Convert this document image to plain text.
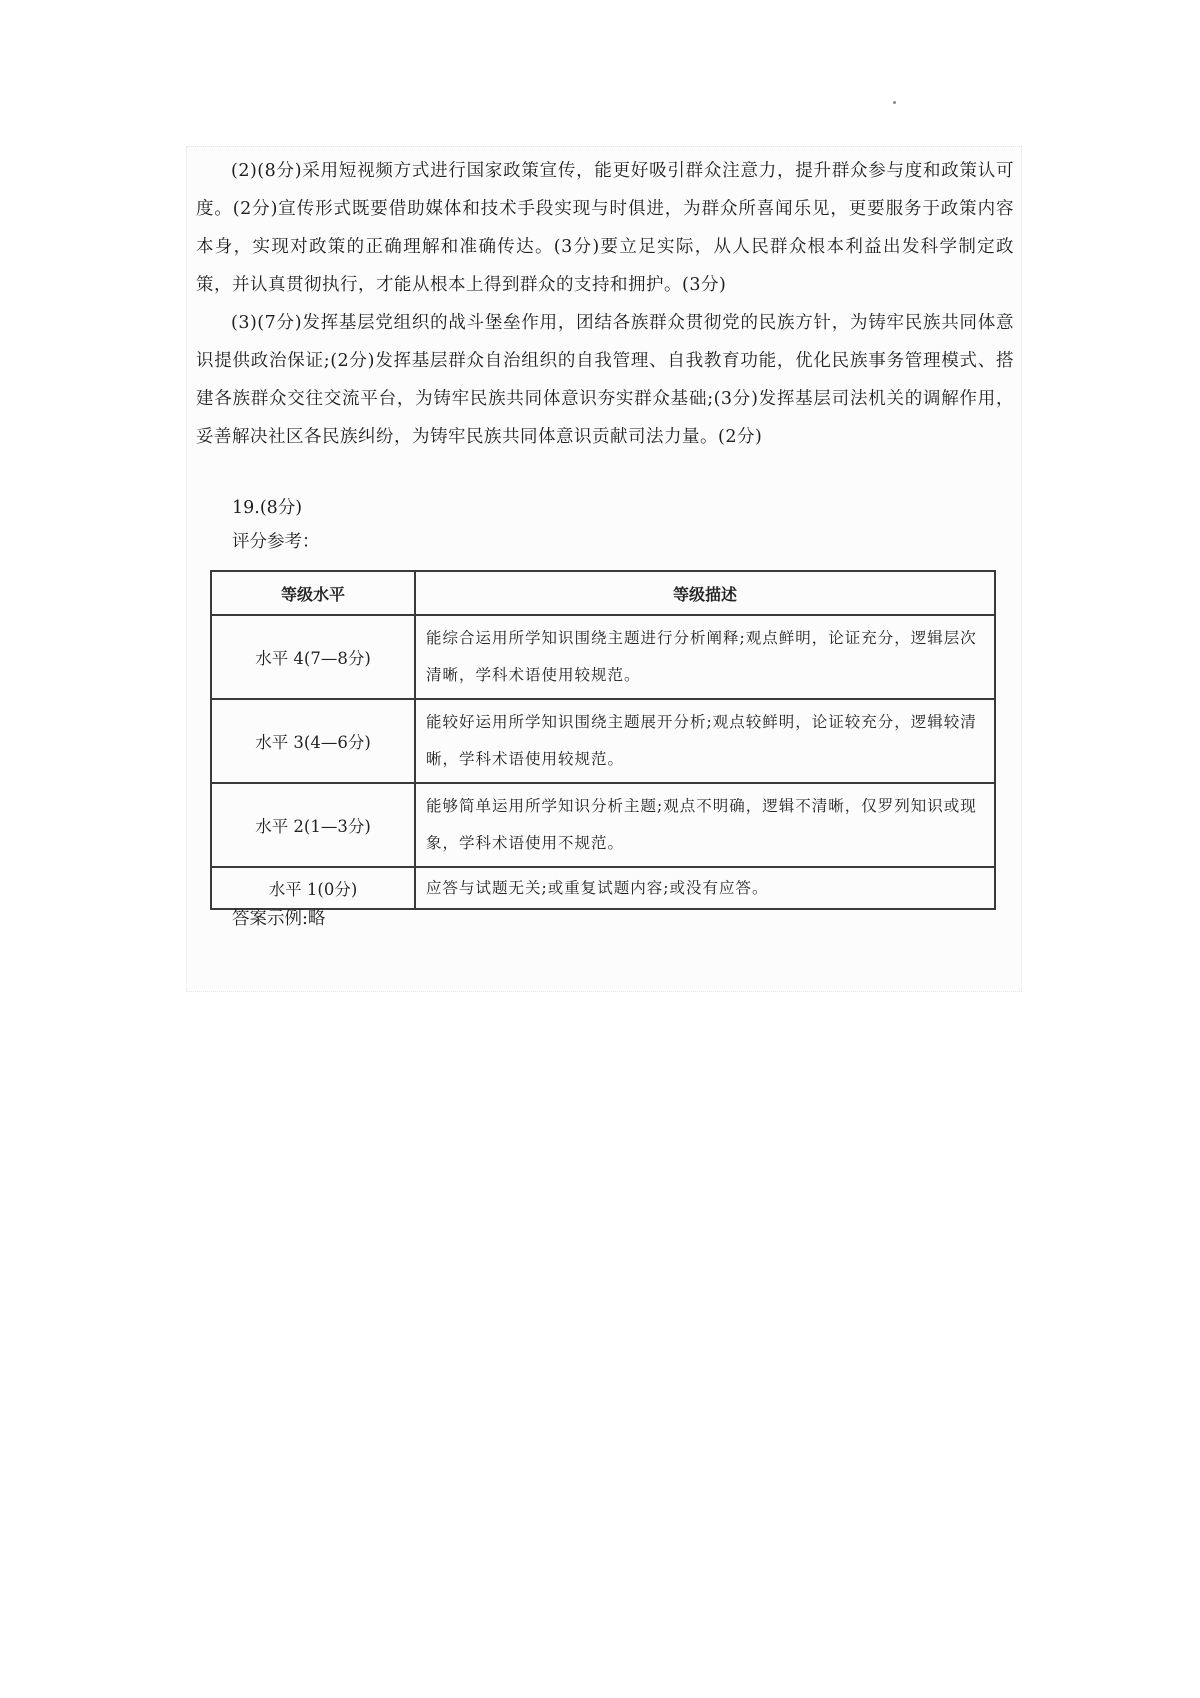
(2)(8分)采用短视频方式进行国家政策宣传，能更好吸引群众注意力，提升群众参与度和政策认可度。(2分)宣传形式既要借助媒体和技术手段实现与时俱进，为群众所喜闻乐见，更要服务于政策内容本身，实现对政策的正确理解和准确传达。(3分)要立足实际，从人民群众根本利益出发科学制定政策，并认真贯彻执行，才能从根本上得到群众的支持和拥护。(3分)

(3)(7分)发挥基层党组织的战斗堡垒作用，团结各族群众贯彻党的民族方针，为铸牢民族共同体意识提供政治保证;(2分)发挥基层群众自治组织的自我管理、自我教育功能，优化民族事务管理模式、搭建各族群众交往交流平台，为铸牢民族共同体意识夯实群众基础;(3分)发挥基层司法机关的调解作用，妥善解决社区各民族纠纷，为铸牢民族共同体意识贡献司法力量。(2分)

19.(8分)

评分参考：

等级水平	等级描述
水平 4(7—8分)	能综合运用所学知识围绕主题进行分析阐释;观点鲜明，论证充分，逻辑层次清晰，学科术语使用较规范。
水平 3(4—6分)	能较好运用所学知识围绕主题展开分析;观点较鲜明，论证较充分，逻辑较清晰，学科术语使用较规范。
水平 2(1—3分)	能够简单运用所学知识分析主题;观点不明确，逻辑不清晰，仅罗列知识或现象，学科术语使用不规范。
水平 1(0分)	应答与试题无关;或重复试题内容;或没有应答。

答案示例:略
